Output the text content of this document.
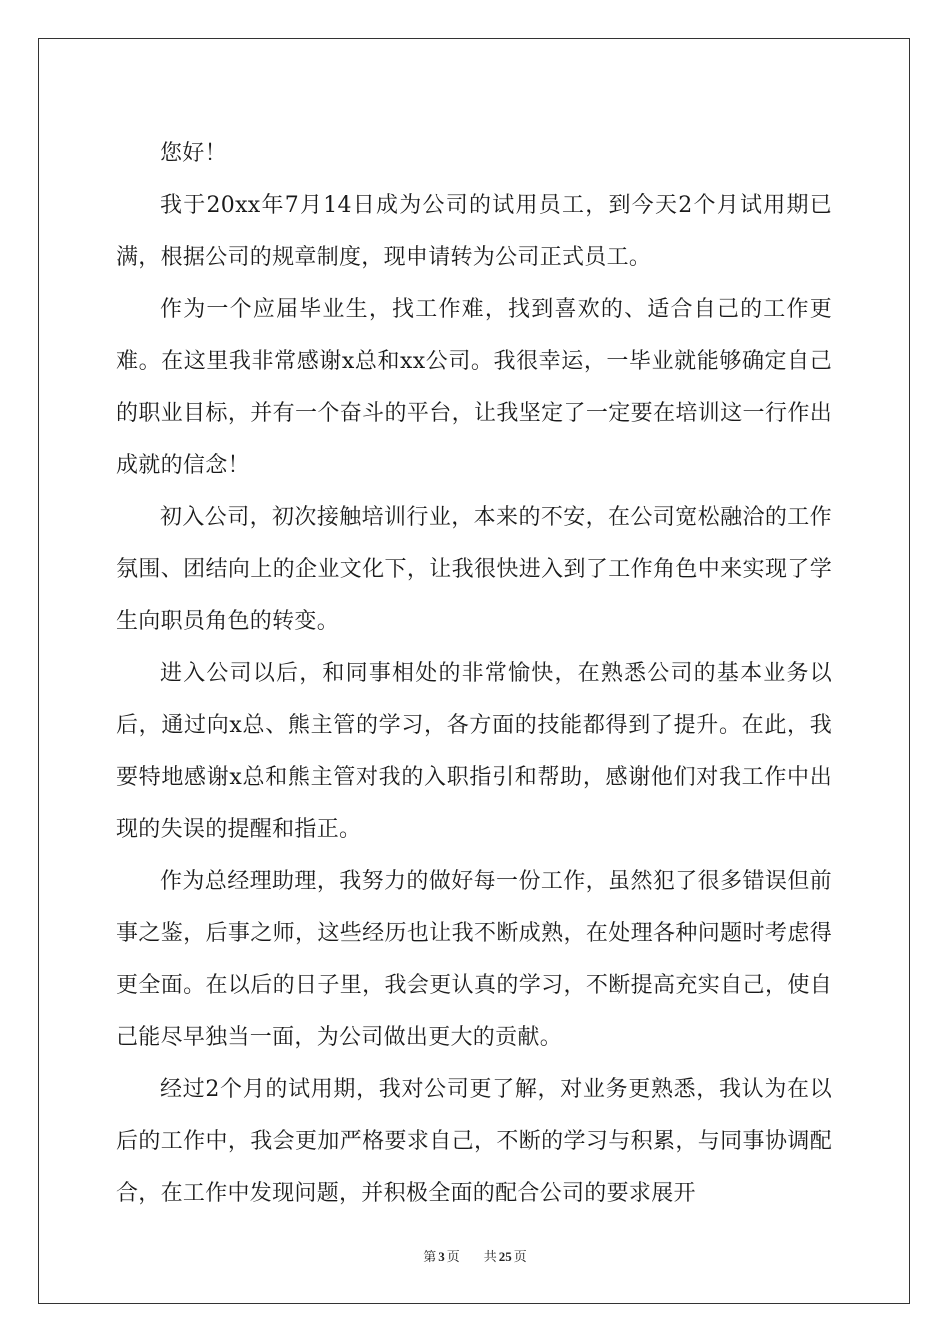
您好！

我于20xx年7月14日成为公司的试用员工，到今天2个月试用期已满，根据公司的规章制度，现申请转为公司正式员工。

作为一个应届毕业生，找工作难，找到喜欢的、适合自己的工作更难。在这里我非常感谢x总和xx公司。我很幸运，一毕业就能够确定自己的职业目标，并有一个奋斗的平台，让我坚定了一定要在培训这一行作出成就的信念！

初入公司，初次接触培训行业，本来的不安，在公司宽松融洽的工作氛围、团结向上的企业文化下，让我很快进入到了工作角色中来实现了学生向职员角色的转变。

进入公司以后，和同事相处的非常愉快，在熟悉公司的基本业务以后，通过向x总、熊主管的学习，各方面的技能都得到了提升。在此，我要特地感谢x总和熊主管对我的入职指引和帮助，感谢他们对我工作中出现的失误的提醒和指正。

作为总经理助理，我努力的做好每一份工作，虽然犯了很多错误但前事之鉴，后事之师，这些经历也让我不断成熟，在处理各种问题时考虑得更全面。在以后的日子里，我会更认真的学习，不断提高充实自己，使自己能尽早独当一面，为公司做出更大的贡献。

经过2个月的试用期，我对公司更了解，对业务更熟悉，我认为在以后的工作中，我会更加严格要求自己，不断的学习与积累，与同事协调配合，在工作中发现问题，并积极全面的配合公司的要求展开

第 3 页 共 25 页
